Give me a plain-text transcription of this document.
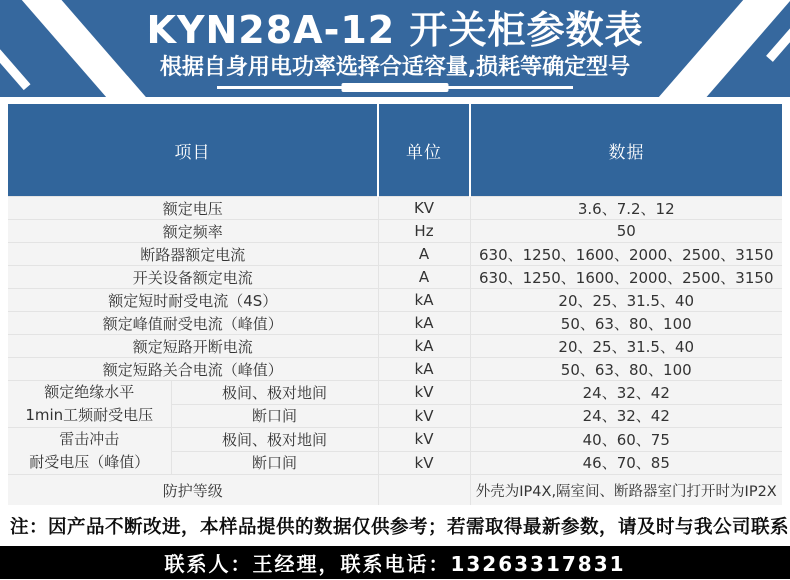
KYN28A-12 开关柜参数表
根据自身用电功率选择合适容量,损耗等确定型号
项目		单位	数据
额定电压		KV	3.6、7.2、12
额定频率		Hz	50
断路器额定电流		A	630、1250、1600、2000、2500、3150
开关设备额定电流		A	630、1250、1600、2000、2500、3150
额定短时耐受电流（4S）		kA	20、25、31.5、40
额定峰值耐受电流（峰值）		kA	50、63、80、100
额定短路开断电流		kA	20、25、31.5、40
额定短路关合电流（峰值）		kA	50、63、80、100

额定绝缘水平
1min工频耐受电压	极间、极对地间	kV	24、32、42
	断口间	kV	24、32、42

雷击冲击
耐受电压（峰值）	极间、极对地间	kV	40、60、75
	断口间	kV	46、70、85
防护等级			外壳为IP4X,隔室间、断路器室门打开时为IP2X
注：因产品不断改进，本样品提供的数据仅供参考；若需取得最新参数，请及时与我公司联系
联系人：王经理，联系电话：13263317831
